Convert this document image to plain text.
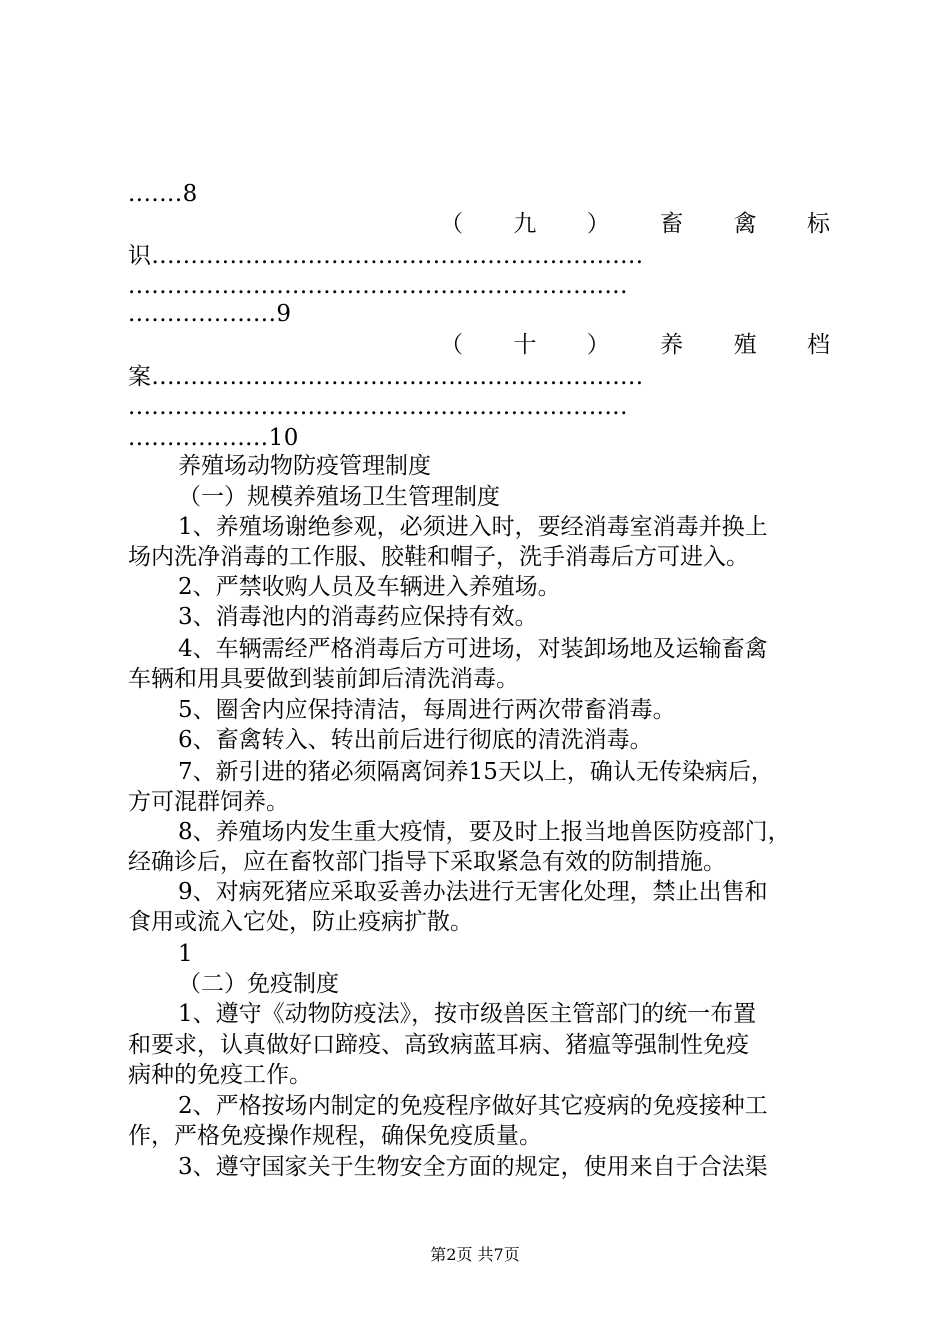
.......8
（ 九 ） 畜 禽 标
识...............................................................
................................................................
...................9
（ 十 ） 养 殖 档
案...............................................................
................................................................
..................10
养殖场动物防疫管理制度
（一）规模养殖场卫生管理制度
1、养殖场谢绝参观，必须进入时，要经消毒室消毒并换上
场内洗净消毒的工作服、胶鞋和帽子，洗手消毒后方可进入。
2、严禁收购人员及车辆进入养殖场。
3、消毒池内的消毒药应保持有效。
4、车辆需经严格消毒后方可进场，对装卸场地及运输畜禽
车辆和用具要做到装前卸后清洗消毒。
5、圈舍内应保持清洁，每周进行两次带畜消毒。
6、畜禽转入、转出前后进行彻底的清洗消毒。
7、新引进的猪必须隔离饲养15天以上，确认无传染病后，
方可混群饲养。
8、养殖场内发生重大疫情，要及时上报当地兽医防疫部门，
经确诊后，应在畜牧部门指导下采取紧急有效的防制措施。
9、对病死猪应采取妥善办法进行无害化处理，禁止出售和
食用或流入它处，防止疫病扩散。
1
（二）免疫制度
1、遵守《动物防疫法》，按市级兽医主管部门的统一布置
和要求，认真做好口蹄疫、高致病蓝耳病、猪瘟等强制性免疫
病种的免疫工作。
2、严格按场内制定的免疫程序做好其它疫病的免疫接种工
作，严格免疫操作规程，确保免疫质量。
3、遵守国家关于生物安全方面的规定，使用来自于合法渠
第2页 共7页
